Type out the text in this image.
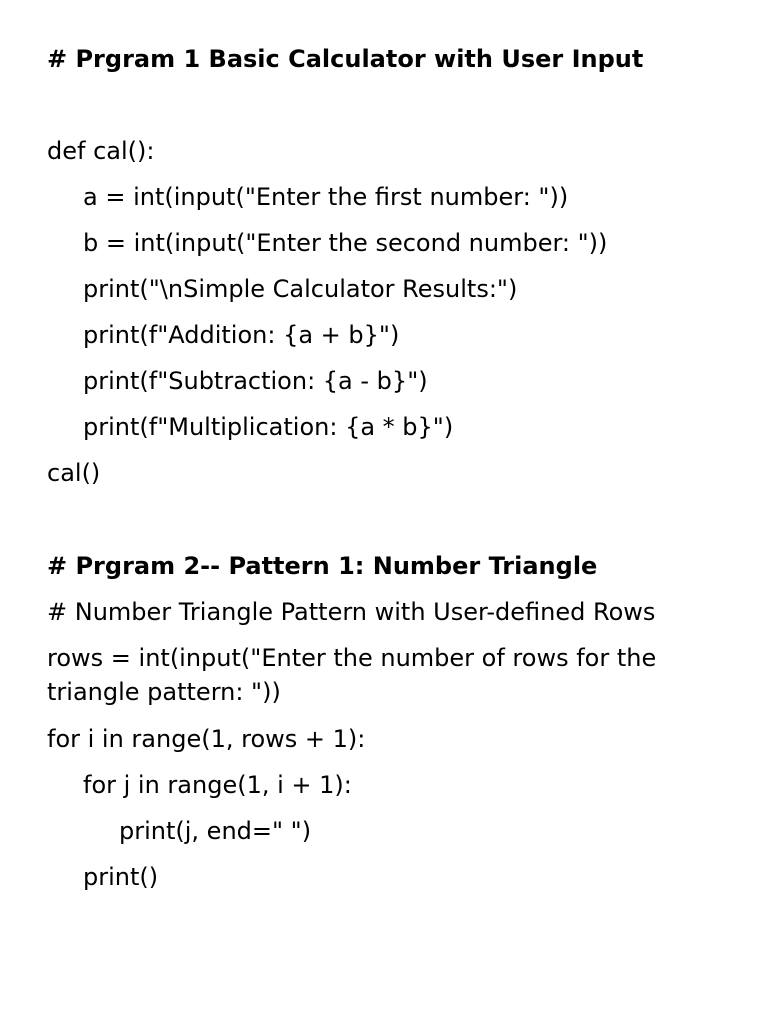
# Prgram 1 Basic Calculator with User Input

def cal():

a = int(input("Enter the first number: "))

b = int(input("Enter the second number: "))

print("\nSimple Calculator Results:")

print(f"Addition: {a + b}")

print(f"Subtraction: {a - b}")

print(f"Multiplication: {a * b}")

cal()

# Prgram 2-- Pattern 1: Number Triangle

# Number Triangle Pattern with User-defined Rows

rows = int(input("Enter the number of rows for the triangle pattern: "))

for i in range(1, rows + 1):

for j in range(1, i + 1):

print(j, end=" ")

print()
